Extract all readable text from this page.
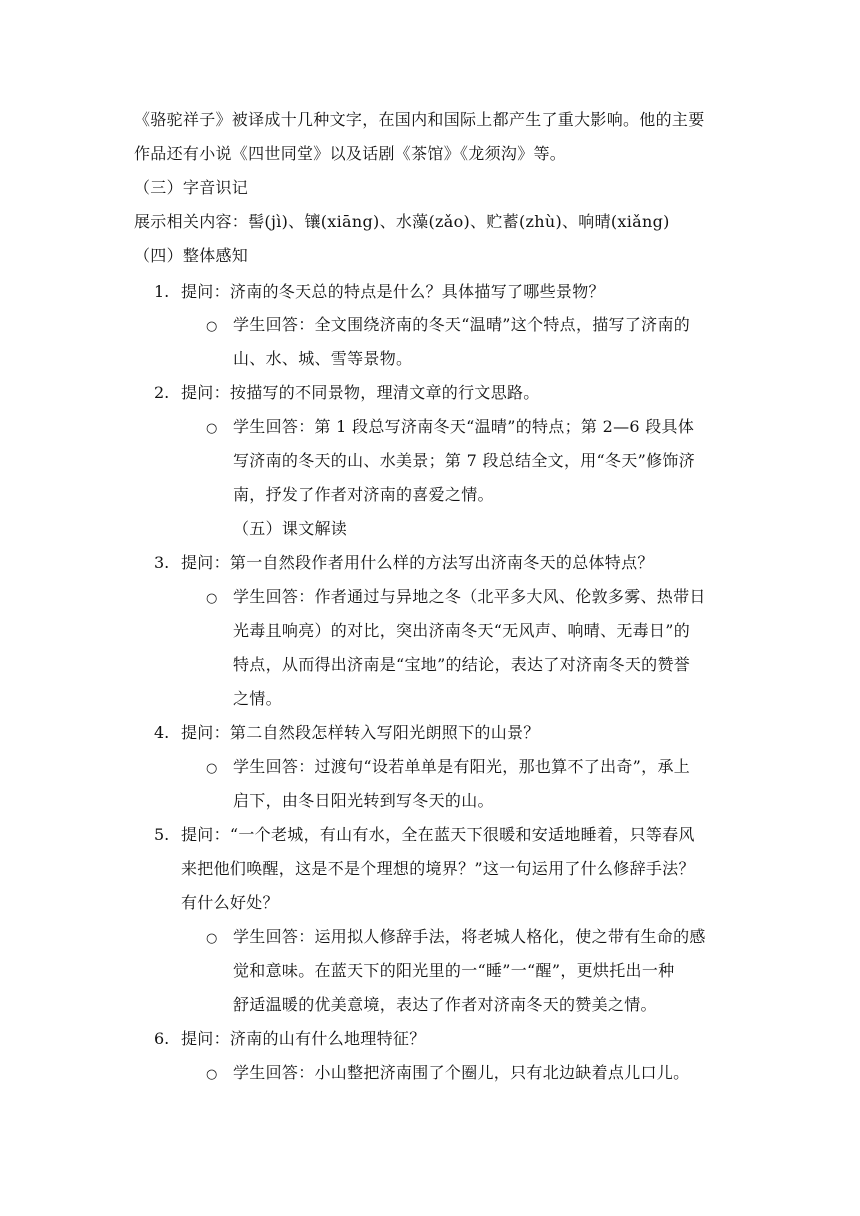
《骆驼祥子》被译成十几种文字，在国内和国际上都产生了重大影响。他的主要
作品还有小说《四世同堂》以及话剧《茶馆》《龙须沟》等。
（三）字音识记
展示相关内容：髻(jì)、镶(xiāng)、水藻(zǎo)、贮蓄(zhù)、响晴(xiǎng)
（四）整体感知
1. 提问：济南的冬天总的特点是什么？具体描写了哪些景物？
○ 学生回答：全文围绕济南的冬天“温晴”这个特点，描写了济南的
山、水、城、雪等景物。
2. 提问：按描写的不同景物，理清文章的行文思路。
○ 学生回答：第 1 段总写济南冬天“温晴”的特点；第 2—6 段具体
写济南的冬天的山、水美景；第 7 段总结全文，用“冬天”修饰济
南，抒发了作者对济南的喜爱之情。
（五）课文解读
3. 提问：第一自然段作者用什么样的方法写出济南冬天的总体特点？
○ 学生回答：作者通过与异地之冬（北平多大风、伦敦多雾、热带日
光毒且响亮）的对比，突出济南冬天“无风声、响晴、无毒日”的
特点，从而得出济南是“宝地”的结论，表达了对济南冬天的赞誉
之情。
4. 提问：第二自然段怎样转入写阳光朗照下的山景？
○ 学生回答：过渡句“设若单单是有阳光，那也算不了出奇”，承上
启下，由冬日阳光转到写冬天的山。
5. 提问：“一个老城，有山有水，全在蓝天下很暖和安适地睡着，只等春风
来把他们唤醒，这是不是个理想的境界？”这一句运用了什么修辞手法？
有什么好处？
○ 学生回答：运用拟人修辞手法，将老城人格化，使之带有生命的感
觉和意味。在蓝天下的阳光里的一“睡”一“醒”，更烘托出一种
舒适温暖的优美意境，表达了作者对济南冬天的赞美之情。
6. 提问：济南的山有什么地理特征？
○ 学生回答：小山整把济南围了个圈儿，只有北边缺着点儿口儿。
